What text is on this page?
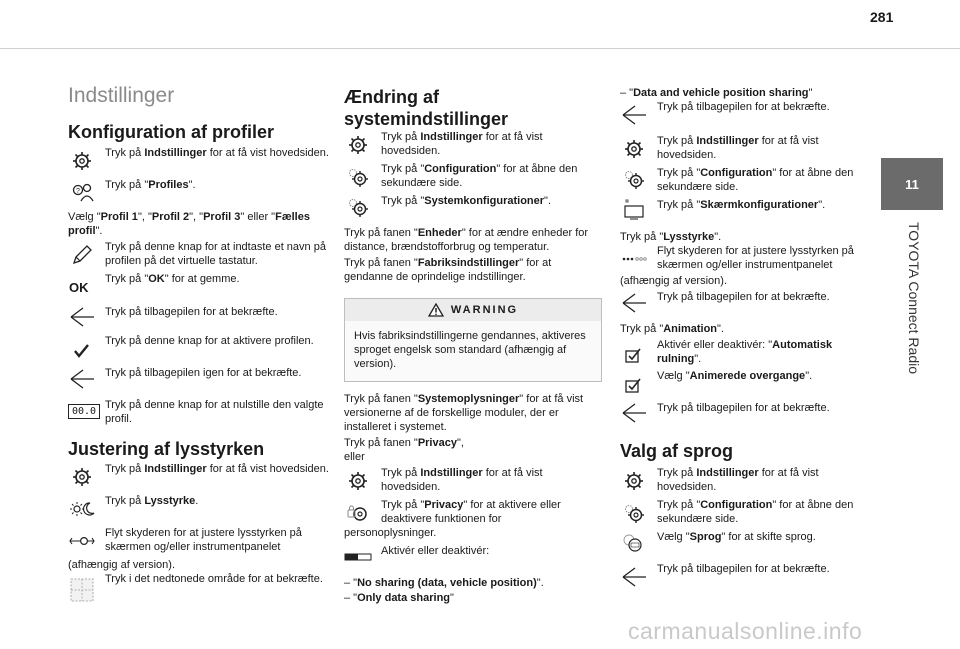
281
11
TOYOTA Connect Radio
Indstillinger
Konfiguration af profiler
Tryk på Indstillinger for at få vist hovedsiden.
?
Tryk på "Profiles".
Vælg "Profil 1", "Profil 2", "Profil 3" eller "Fælles profil".
Tryk på denne knap for at indtaste et navn på profilen på det virtuelle tastatur.
OK
Tryk på "OK" for at gemme.
Tryk på tilbagepilen for at bekræfte.
Tryk på denne knap for at aktivere profilen.
Tryk på tilbagepilen igen for at bekræfte.
00.0
Tryk på denne knap for at nulstille den valgte profil.
Justering af lysstyrken
Tryk på Indstillinger for at få vist hovedsiden.
Tryk på Lysstyrke.
Flyt skyderen for at justere lysstyrken på skærmen og/eller instrumentpanelet
(afhængig af version).
Tryk i det nedtonede område for at bekræfte.
Ændring af systemindstillinger
Tryk på Indstillinger for at få vist hovedsiden.
Tryk på "Configuration" for at åbne den sekundære side.
Tryk på "Systemkonfigurationer".
Tryk på fanen "Enheder" for at ændre enheder for distance, brændstofforbrug og temperatur.
Tryk på fanen "Fabriksindstillinger" for at gendanne de oprindelige indstillinger.
WARNING
Hvis fabriksindstillingerne gendannes, aktiveres sproget engelsk som standard (afhængig af version).
Tryk på fanen "Systemoplysninger" for at få vist versionerne af de forskellige moduler, der er installeret i systemet.
Tryk på fanen "Privacy",
eller
Tryk på Indstillinger for at få vist hovedsiden.
Tryk på "Privacy" for at aktivere eller deaktivere funktionen for
personoplysninger.
Aktivér eller deaktivér:
– "No sharing (data, vehicle position)".
– "Only data sharing"
– "Data and vehicle position sharing"
Tryk på tilbagepilen for at bekræfte.
Tryk på Indstillinger for at få vist hovedsiden.
Tryk på "Configuration" for at åbne den sekundære side.
Tryk på "Skærmkonfigurationer".
Tryk på "Lysstyrke".
Flyt skyderen for at justere lysstyrken på skærmen og/eller instrumentpanelet
(afhængig af version).
Tryk på tilbagepilen for at bekræfte.
Tryk på "Animation".
Aktivér eller deaktivér: "Automatisk rulning".
Vælg "Animerede overgange".
Tryk på tilbagepilen for at bekræfte.
Valg af sprog
Tryk på Indstillinger for at få vist hovedsiden.
Tryk på "Configuration" for at åbne den sekundære side.
Vælg "Sprog" for at skifte sprog.
Tryk på tilbagepilen for at bekræfte.
carmanualsonline.info
